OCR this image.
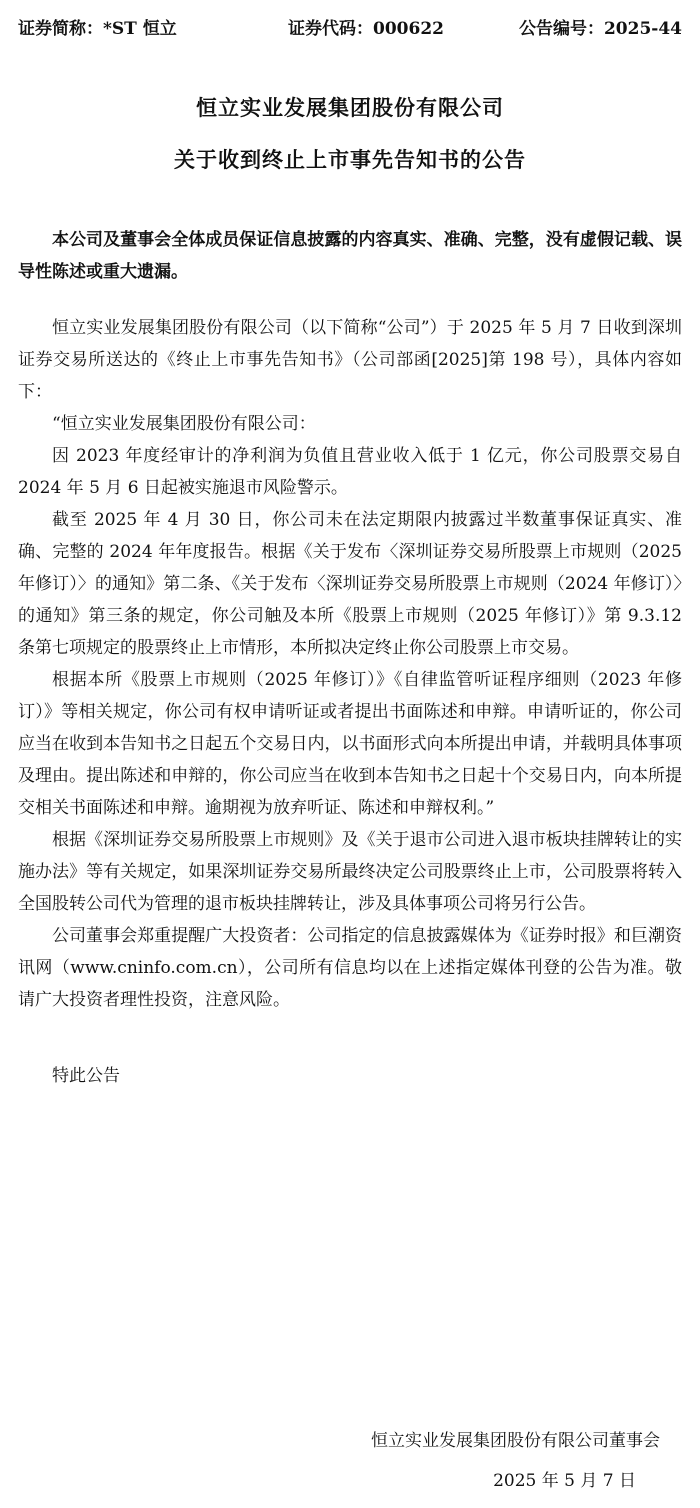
证券简称：*ST 恒立	证券代码：000622	公告编号：2025-44
恒立实业发展集团股份有限公司
关于收到终止上市事先告知书的公告

本公司及董事会全体成员保证信息披露的内容真实、准确、完整，没有虚假记载、误导性陈述或重大遗漏。

恒立实业发展集团股份有限公司（以下简称“公司”）于 2025 年 5 月 7 日收到深圳证券交易所送达的《终止上市事先告知书》（公司部函[2025]第 198 号），具体内容如下：

“恒立实业发展集团股份有限公司：

因 2023 年度经审计的净利润为负值且营业收入低于 1 亿元，你公司股票交易自 2024 年 5 月 6 日起被实施退市风险警示。

截至 2025 年 4 月 30 日，你公司未在法定期限内披露过半数董事保证真实、准确、完整的 2024 年年度报告。根据《关于发布〈深圳证券交易所股票上市规则（2025 年修订）〉的通知》第二条、《关于发布〈深圳证券交易所股票上市规则（2024 年修订）〉的通知》第三条的规定，你公司触及本所《股票上市规则（2025 年修订）》第 9.3.12 条第七项规定的股票终止上市情形，本所拟决定终止你公司股票上市交易。

根据本所《股票上市规则（2025 年修订）》《自律监管听证程序细则（2023 年修订）》等相关规定，你公司有权申请听证或者提出书面陈述和申辩。申请听证的，你公司应当在收到本告知书之日起五个交易日内，以书面形式向本所提出申请，并载明具体事项及理由。提出陈述和申辩的，你公司应当在收到本告知书之日起十个交易日内，向本所提交相关书面陈述和申辩。逾期视为放弃听证、陈述和申辩权利。”

根据《深圳证券交易所股票上市规则》及《关于退市公司进入退市板块挂牌转让的实施办法》等有关规定，如果深圳证券交易所最终决定公司股票终止上市，公司股票将转入全国股转公司代为管理的退市板块挂牌转让，涉及具体事项公司将另行公告。

公司董事会郑重提醒广大投资者：公司指定的信息披露媒体为《证券时报》和巨潮资讯网（www.cninfo.com.cn），公司所有信息均以在上述指定媒体刊登的公告为准。敬请广大投资者理性投资，注意风险。

特此公告

恒立实业发展集团股份有限公司董事会
2025 年 5 月 7 日
